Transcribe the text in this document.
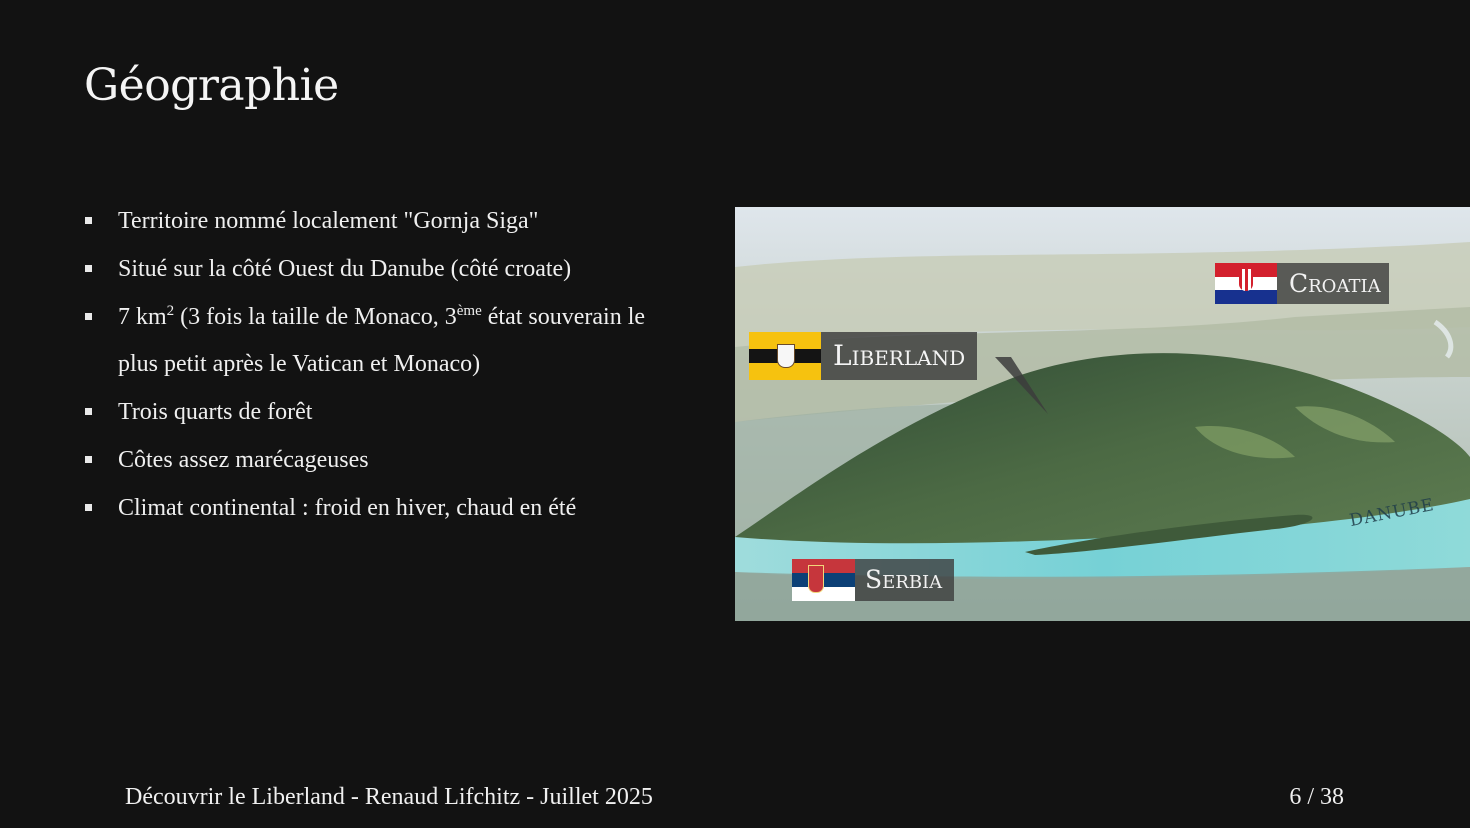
Géographie
Territoire nommé localement "Gornja Siga"
Situé sur la côté Ouest du Danube (côté croate)
7 $km^2$ (3 fois la taille de Monaco, 3ème état souverain le plus petit après le Vatican et Monaco)
Trois quarts de forêt
Côtes assez marécageuses
Climat continental : froid en hiver, chaud en été
Croatia
Liberland
Serbia
DANUBE
Découvrir le Liberland - Renaud Lifchitz - Juillet 2025	6 / 38
